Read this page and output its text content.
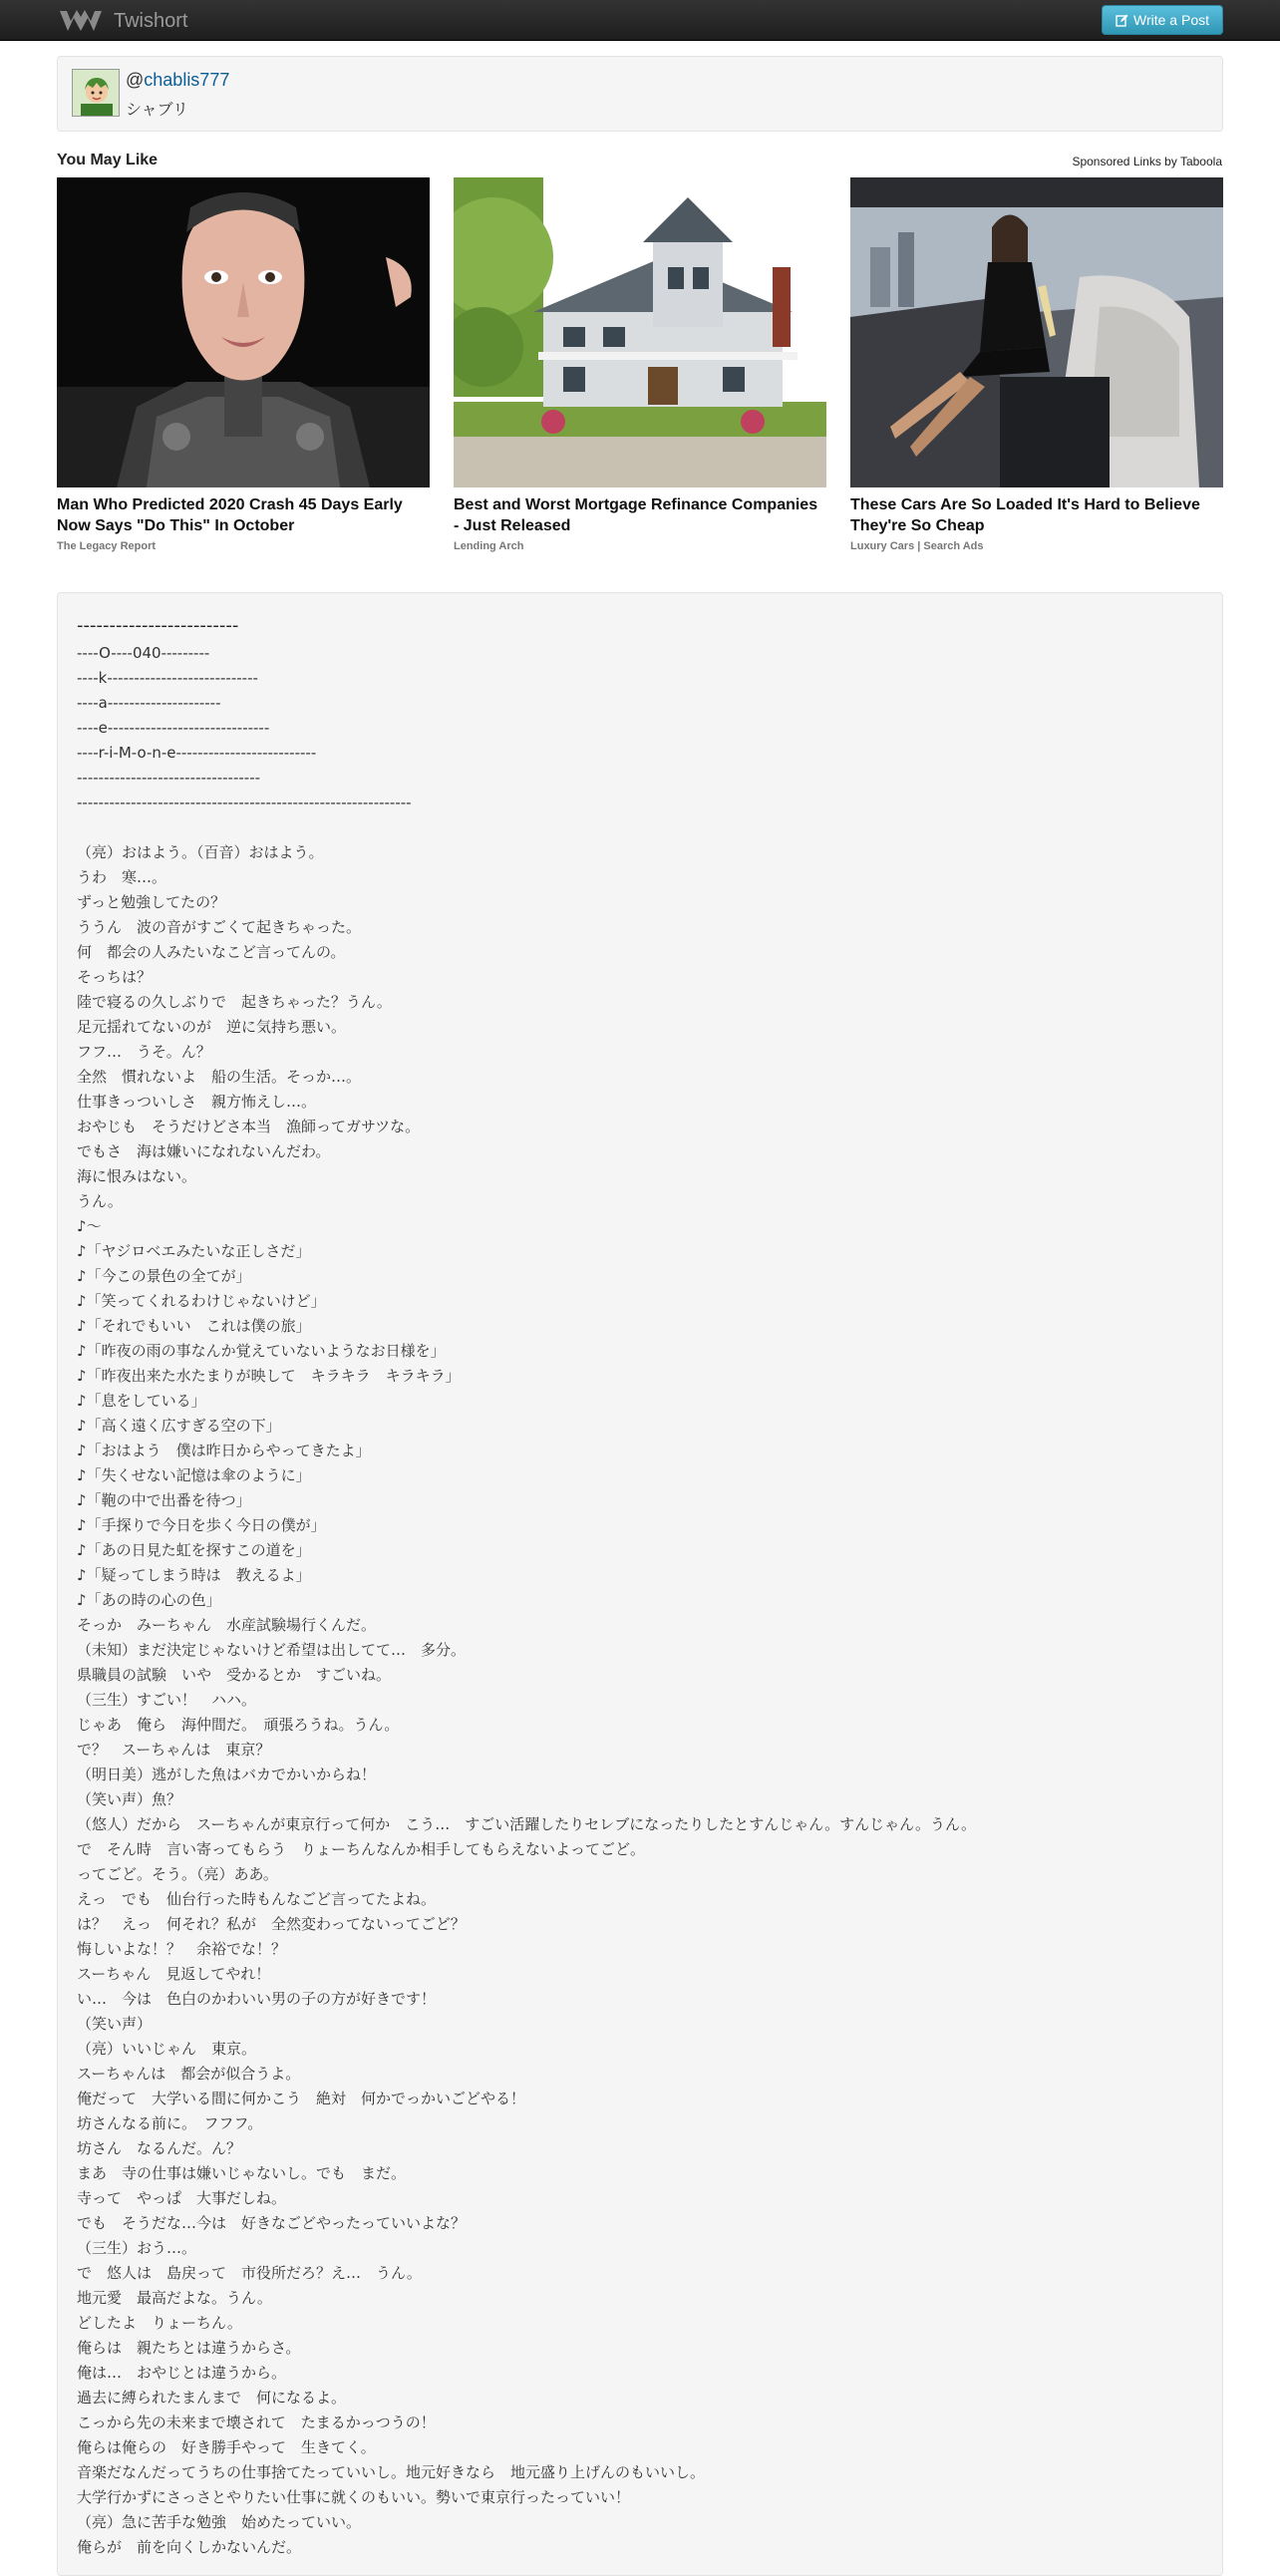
Twishort	Write a Post
@chablis777
シャブリ
You May Like	Sponsored Links by Taboola
Man Who Predicted 2020 Crash 45 Days Early Now Says "Do This" In October
The Legacy Report
Best and Worst Mortgage Refinance Companies - Just Released
Lending Arch
These Cars Are So Loaded It's Hard to Believe They're So Cheap
Luxury Cars | Search Ads
-------------------------
----O----040---------
----k----------------------------
----a---------------------
----e------------------------------
----r-i-M-o-n-e--------------------------
----------------------------------
--------------------------------------------------------------
（亮）おはよう。（百音）おはよう。
うわ　寒…。
ずっと勉強してたの？
ううん　波の音がすごくて起きちゃった。
何　都会の人みたいなこど言ってんの。
そっちは？
陸で寝るの久しぶりで　起きちゃった？うん。
足元揺れてないのが　逆に気持ち悪い。
フフ…　うそ。ん？
全然　慣れないよ　船の生活。そっか…。
仕事きっついしさ　親方怖えし…。
おやじも　そうだけどさ本当　漁師ってガサツな。
でもさ　海は嫌いになれないんだわ。
海に恨みはない。
うん。
♪～
♪「ヤジロベエみたいな正しさだ」
♪「今この景色の全てが」
♪「笑ってくれるわけじゃないけど」
♪「それでもいい　これは僕の旅」
♪「昨夜の雨の事なんか覚えていないようなお日様を」
♪「昨夜出来た水たまりが映して　キラキラ　キラキラ」
♪「息をしている」
♪「高く遠く広すぎる空の下」
♪「おはよう　僕は昨日からやってきたよ」
♪「失くせない記憶は傘のように」
♪「鞄の中で出番を待つ」
♪「手探りで今日を歩く今日の僕が」
♪「あの日見た虹を探すこの道を」
♪「疑ってしまう時は　教えるよ」
♪「あの時の心の色」
そっか　みーちゃん　水産試験場行くんだ。
（未知）まだ決定じゃないけど希望は出してて…　多分。
県職員の試験　いや　受かるとか　すごいね。
（三生）すごい！　ハハ。
じゃあ　俺ら　海仲間だ。　頑張ろうね。うん。
で？　スーちゃんは　東京？
（明日美）逃がした魚はバカでかいからね！
（笑い声）魚？
（悠人）だから　スーちゃんが東京行って何か　こう…　すごい活躍したりセレブになったりしたとすんじゃん。すんじゃん。うん。
で　そん時　言い寄ってもらう　りょーちんなんか相手してもらえないよってごど。
ってごど。そう。（亮）ああ。
えっ　でも　仙台行った時もんなごど言ってたよね。
は？　えっ　何それ？私が　全然変わってないってごど？
悔しいよな！？　余裕でな！？
スーちゃん　見返してやれ！
い…　今は　色白のかわいい男の子の方が好きです！
（笑い声）
（亮）いいじゃん　東京。
スーちゃんは　都会が似合うよ。
俺だって　大学いる間に何かこう　絶対　何かでっかいごどやる！
坊さんなる前に。　フフフ。
坊さん　なるんだ。ん？
まあ　寺の仕事は嫌いじゃないし。でも　まだ。
寺って　やっぱ　大事だしね。
でも　そうだな…今は　好きなごどやったっていいよな？
（三生）おう…。
で　悠人は　島戻って　市役所だろ？え…　うん。
地元愛　最高だよな。うん。
どしたよ　りょーちん。
俺らは　親たちとは違うからさ。
俺は…　おやじとは違うから。
過去に縛られたまんまで　何になるよ。
こっから先の未来まで壊されて　たまるかっつうの！
俺らは俺らの　好き勝手やって　生きてく。
音楽だなんだってうちの仕事捨てたっていいし。地元好きなら　地元盛り上げんのもいいし。
大学行かずにさっさとやりたい仕事に就くのもいい。勢いで東京行ったっていい！
（亮）急に苦手な勉強　始めたっていい。
俺らが　前を向くしかないんだ。
